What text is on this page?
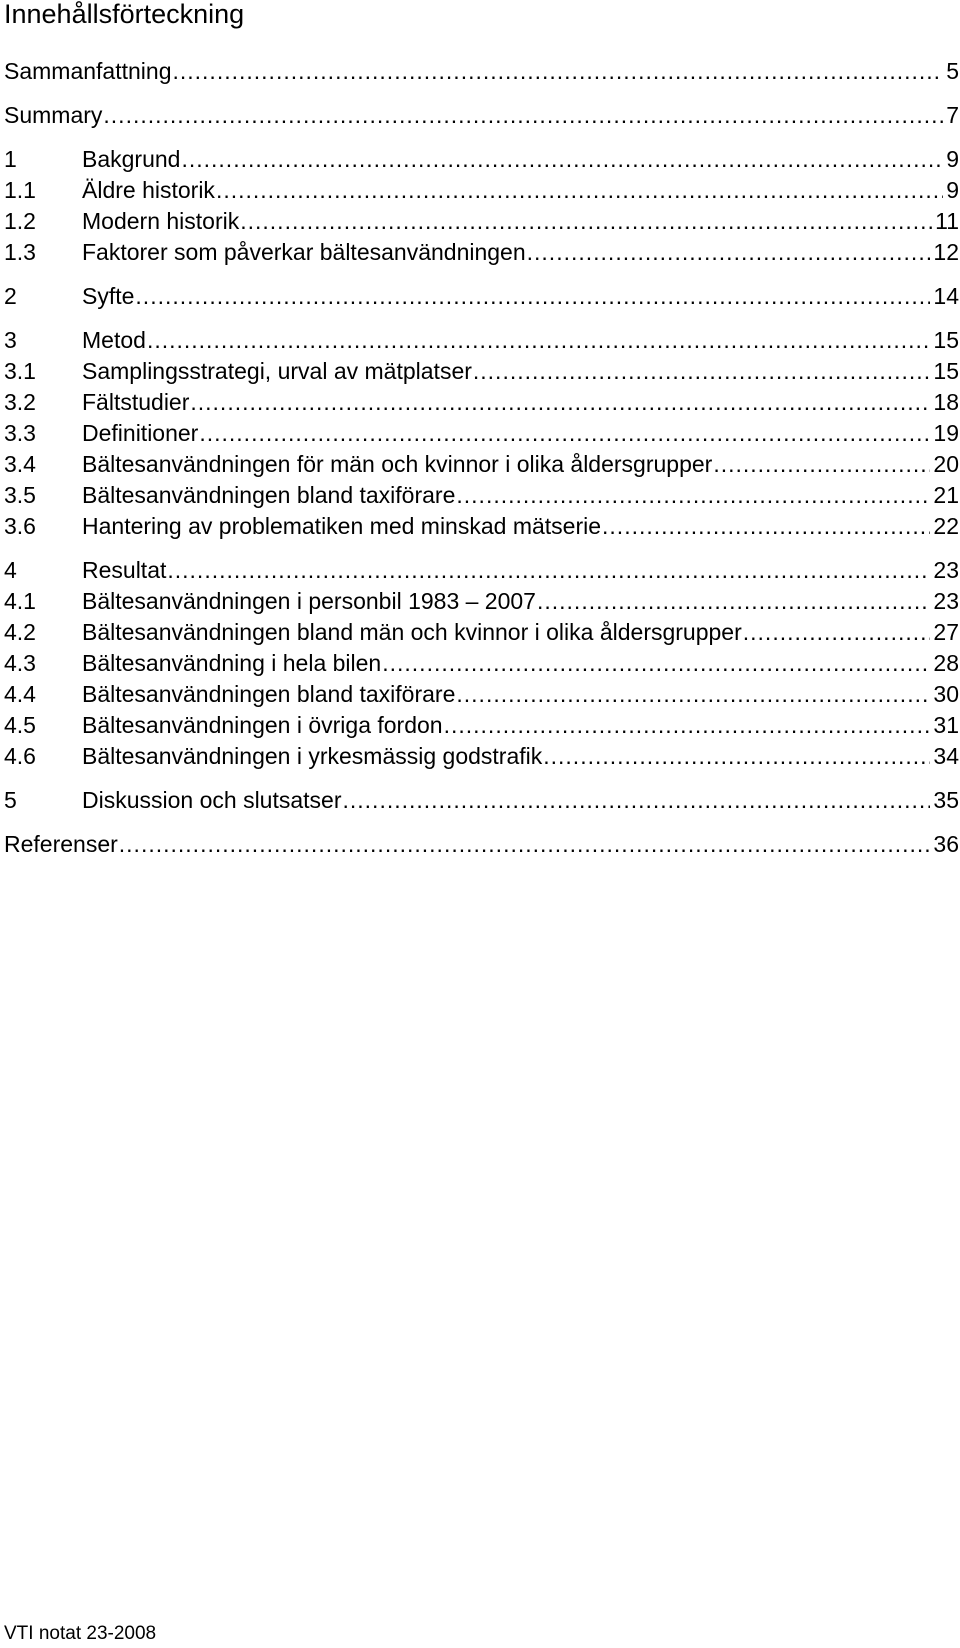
Innehållsförteckning
Sammanfattning .....	5
Summary .....	7
1	Bakgrund .....	9
1.1	Äldre historik .....	9
1.2	Modern historik .....	11
1.3	Faktorer som påverkar bältesanvändningen .....	12
2	Syfte .....	14
3	Metod .....	15
3.1	Samplingsstrategi, urval av mätplatser .....	15
3.2	Fältstudier .....	18
3.3	Definitioner .....	19
3.4	Bältesanvändningen för män och kvinnor i olika åldersgrupper .....	20
3.5	Bältesanvändningen bland taxiförare .....	21
3.6	Hantering av problematiken med minskad mätserie .....	22
4	Resultat .....	23
4.1	Bältesanvändningen i personbil 1983 – 2007 .....	23
4.2	Bältesanvändningen bland män och kvinnor i olika åldersgrupper .....	27
4.3	Bältesanvändning i hela bilen .....	28
4.4	Bältesanvändningen bland taxiförare .....	30
4.5	Bältesanvändningen i övriga fordon .....	31
4.6	Bältesanvändningen i yrkesmässig godstrafik .....	34
5	Diskussion och slutsatser .....	35
Referenser .....	36
VTI notat 23-2008
